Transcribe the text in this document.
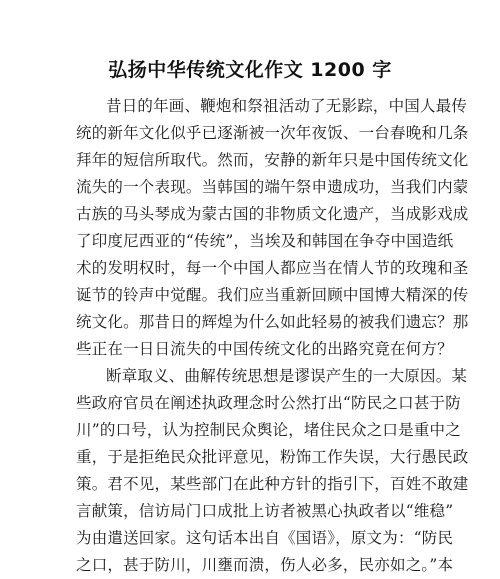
弘扬中华传统文化作文 1200 字
昔日的年画、鞭炮和祭祖活动了无影踪，中国人最传
统的新年文化似乎已逐渐被一次年夜饭、一台春晚和几条
拜年的短信所取代。然而，安静的新年只是中国传统文化
流失的一个表现。当韩国的端午祭申遗成功，当我们内蒙
古族的马头琴成为蒙古国的非物质文化遗产，当成影戏成
了印度尼西亚的“传统”，当埃及和韩国在争夺中国造纸
术的发明权时，每一个中国人都应当在情人节的玫瑰和圣
诞节的铃声中觉醒。我们应当重新回顾中国博大精深的传
统文化。那昔日的辉煌为什么如此轻易的被我们遗忘？那
些正在一日日流失的中国传统文化的出路究竟在何方？
断章取义、曲解传统思想是谬误产生的一大原因。某
些政府官员在阐述执政理念时公然打出“防民之口甚于防
川”的口号，认为控制民众舆论，堵住民众之口是重中之
重，于是拒绝民众批评意见，粉饰工作失误，大行愚民政
策。君不见，某些部门在此种方针的指引下，百姓不敢建
言献策，信访局门口成批上访者被黑心执政者以“维稳”
为由遣送回家。这句话本出自《国语》，原文为：“防民
之口，甚于防川，川壅而溃，伤人必多，民亦如之。”本
